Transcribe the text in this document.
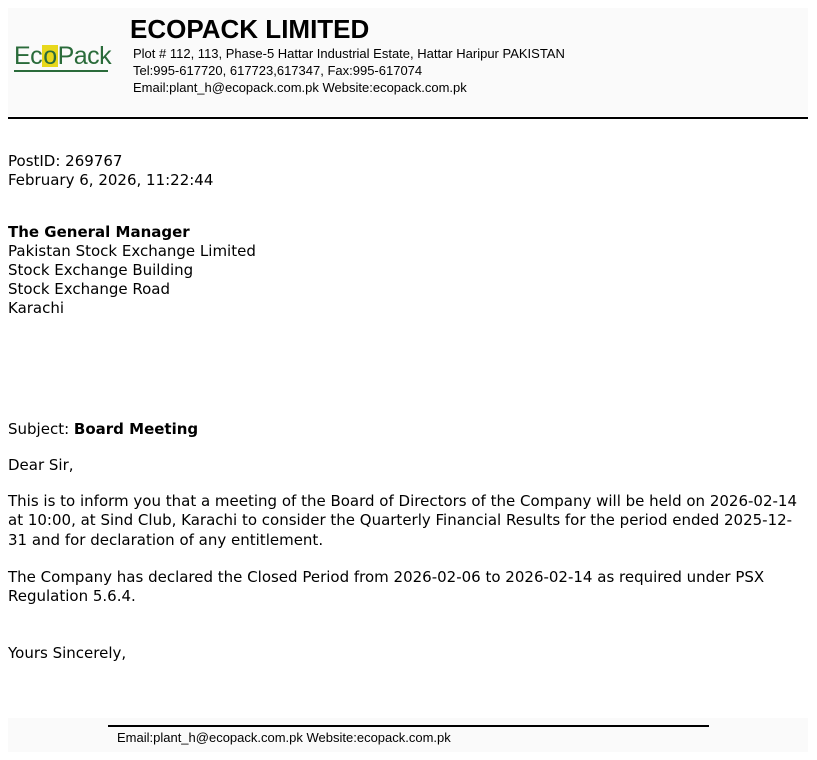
EcoPack
ECOPACK LIMITED
Plot # 112, 113, Phase-5 Hattar Industrial Estate, Hattar Haripur PAKISTAN
Tel:995-617720, 617723,617347, Fax:995-617074
Email:plant_h@ecopack.com.pk Website:ecopack.com.pk
PostID: 269767
February 6, 2026, 11:22:44
The General Manager
Pakistan Stock Exchange Limited
Stock Exchange Building
Stock Exchange Road
Karachi
Subject: Board Meeting
Dear Sir,
This is to inform you that a meeting of the Board of Directors of the Company will be held on 2026-02-14 at 10:00, at Sind Club, Karachi to consider the Quarterly Financial Results for the period ended 2025-12-31 and for declaration of any entitlement.
The Company has declared the Closed Period from 2026-02-06 to 2026-02-14 as required under PSX Regulation 5.6.4.
Yours Sincerely,
Email:plant_h@ecopack.com.pk Website:ecopack.com.pk
